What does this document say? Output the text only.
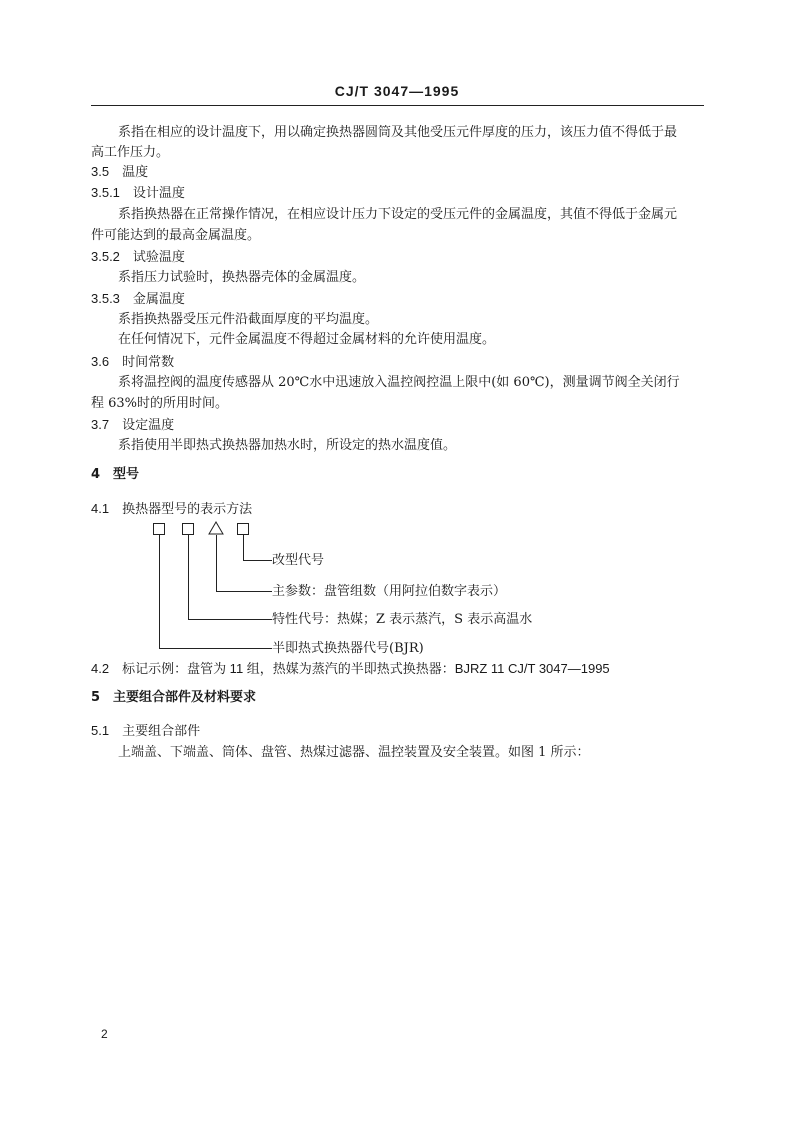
CJ/T 3047—1995
系指在相应的设计温度下，用以确定换热器圆筒及其他受压元件厚度的压力，该压力值不得低于最
高工作压力。
3.5　温度
3.5.1　设计温度
系指换热器在正常操作情况，在相应设计压力下设定的受压元件的金属温度，其值不得低于金属元
件可能达到的最高金属温度。
3.5.2　试验温度
系指压力试验时，换热器壳体的金属温度。
3.5.3　金属温度
系指换热器受压元件沿截面厚度的平均温度。
在任何情况下，元件金属温度不得超过金属材料的允许使用温度。
3.6　时间常数
系将温控阀的温度传感器从 20℃水中迅速放入温控阀控温上限中(如 60℃)，测量调节阀全关闭行
程 63%时的所用时间。
3.7　设定温度
系指使用半即热式换热器加热水时，所设定的热水温度值。
4　型号
4.1　换热器型号的表示方法
改型代号
主参数：盘管组数（用阿拉伯数字表示）
特性代号：热媒；Z 表示蒸汽，S 表示高温水
半即热式换热器代号(BJR)
4.2　标记示例：盘管为 11 组，热媒为蒸汽的半即热式换热器：BJRZ 11 CJ/T 3047—1995
5　主要组合部件及材料要求
5.1　主要组合部件
上端盖、下端盖、筒体、盘管、热煤过滤器、温控装置及安全装置。如图 1 所示：
2
